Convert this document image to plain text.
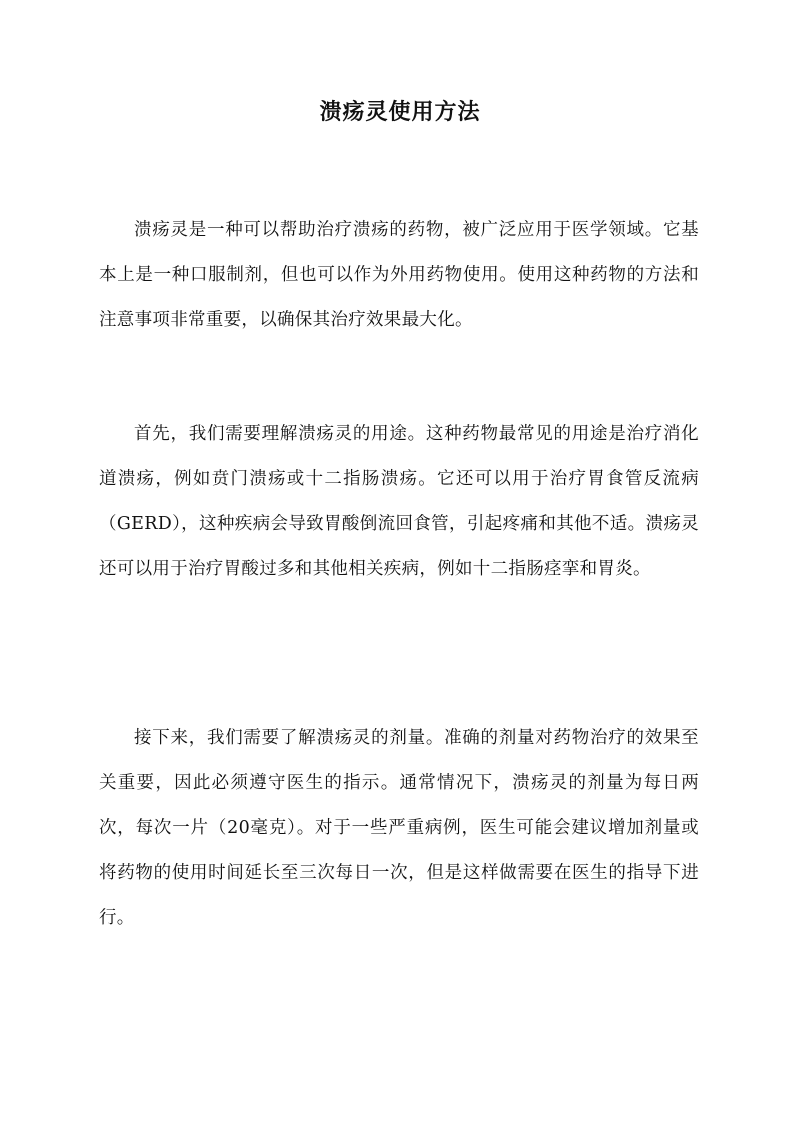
溃疡灵使用方法

溃疡灵是一种可以帮助治疗溃疡的药物，被广泛应用于医学领域。它基本上是一种口服制剂，但也可以作为外用药物使用。使用这种药物的方法和注意事项非常重要，以确保其治疗效果最大化。

首先，我们需要理解溃疡灵的用途。这种药物最常见的用途是治疗消化道溃疡，例如贲门溃疡或十二指肠溃疡。它还可以用于治疗胃食管反流病（GERD），这种疾病会导致胃酸倒流回食管，引起疼痛和其他不适。溃疡灵还可以用于治疗胃酸过多和其他相关疾病，例如十二指肠痉挛和胃炎。

接下来，我们需要了解溃疡灵的剂量。准确的剂量对药物治疗的效果至关重要，因此必须遵守医生的指示。通常情况下，溃疡灵的剂量为每日两次，每次一片（20毫克）。对于一些严重病例，医生可能会建议增加剂量或将药物的使用时间延长至三次每日一次，但是这样做需要在医生的指导下进行。
